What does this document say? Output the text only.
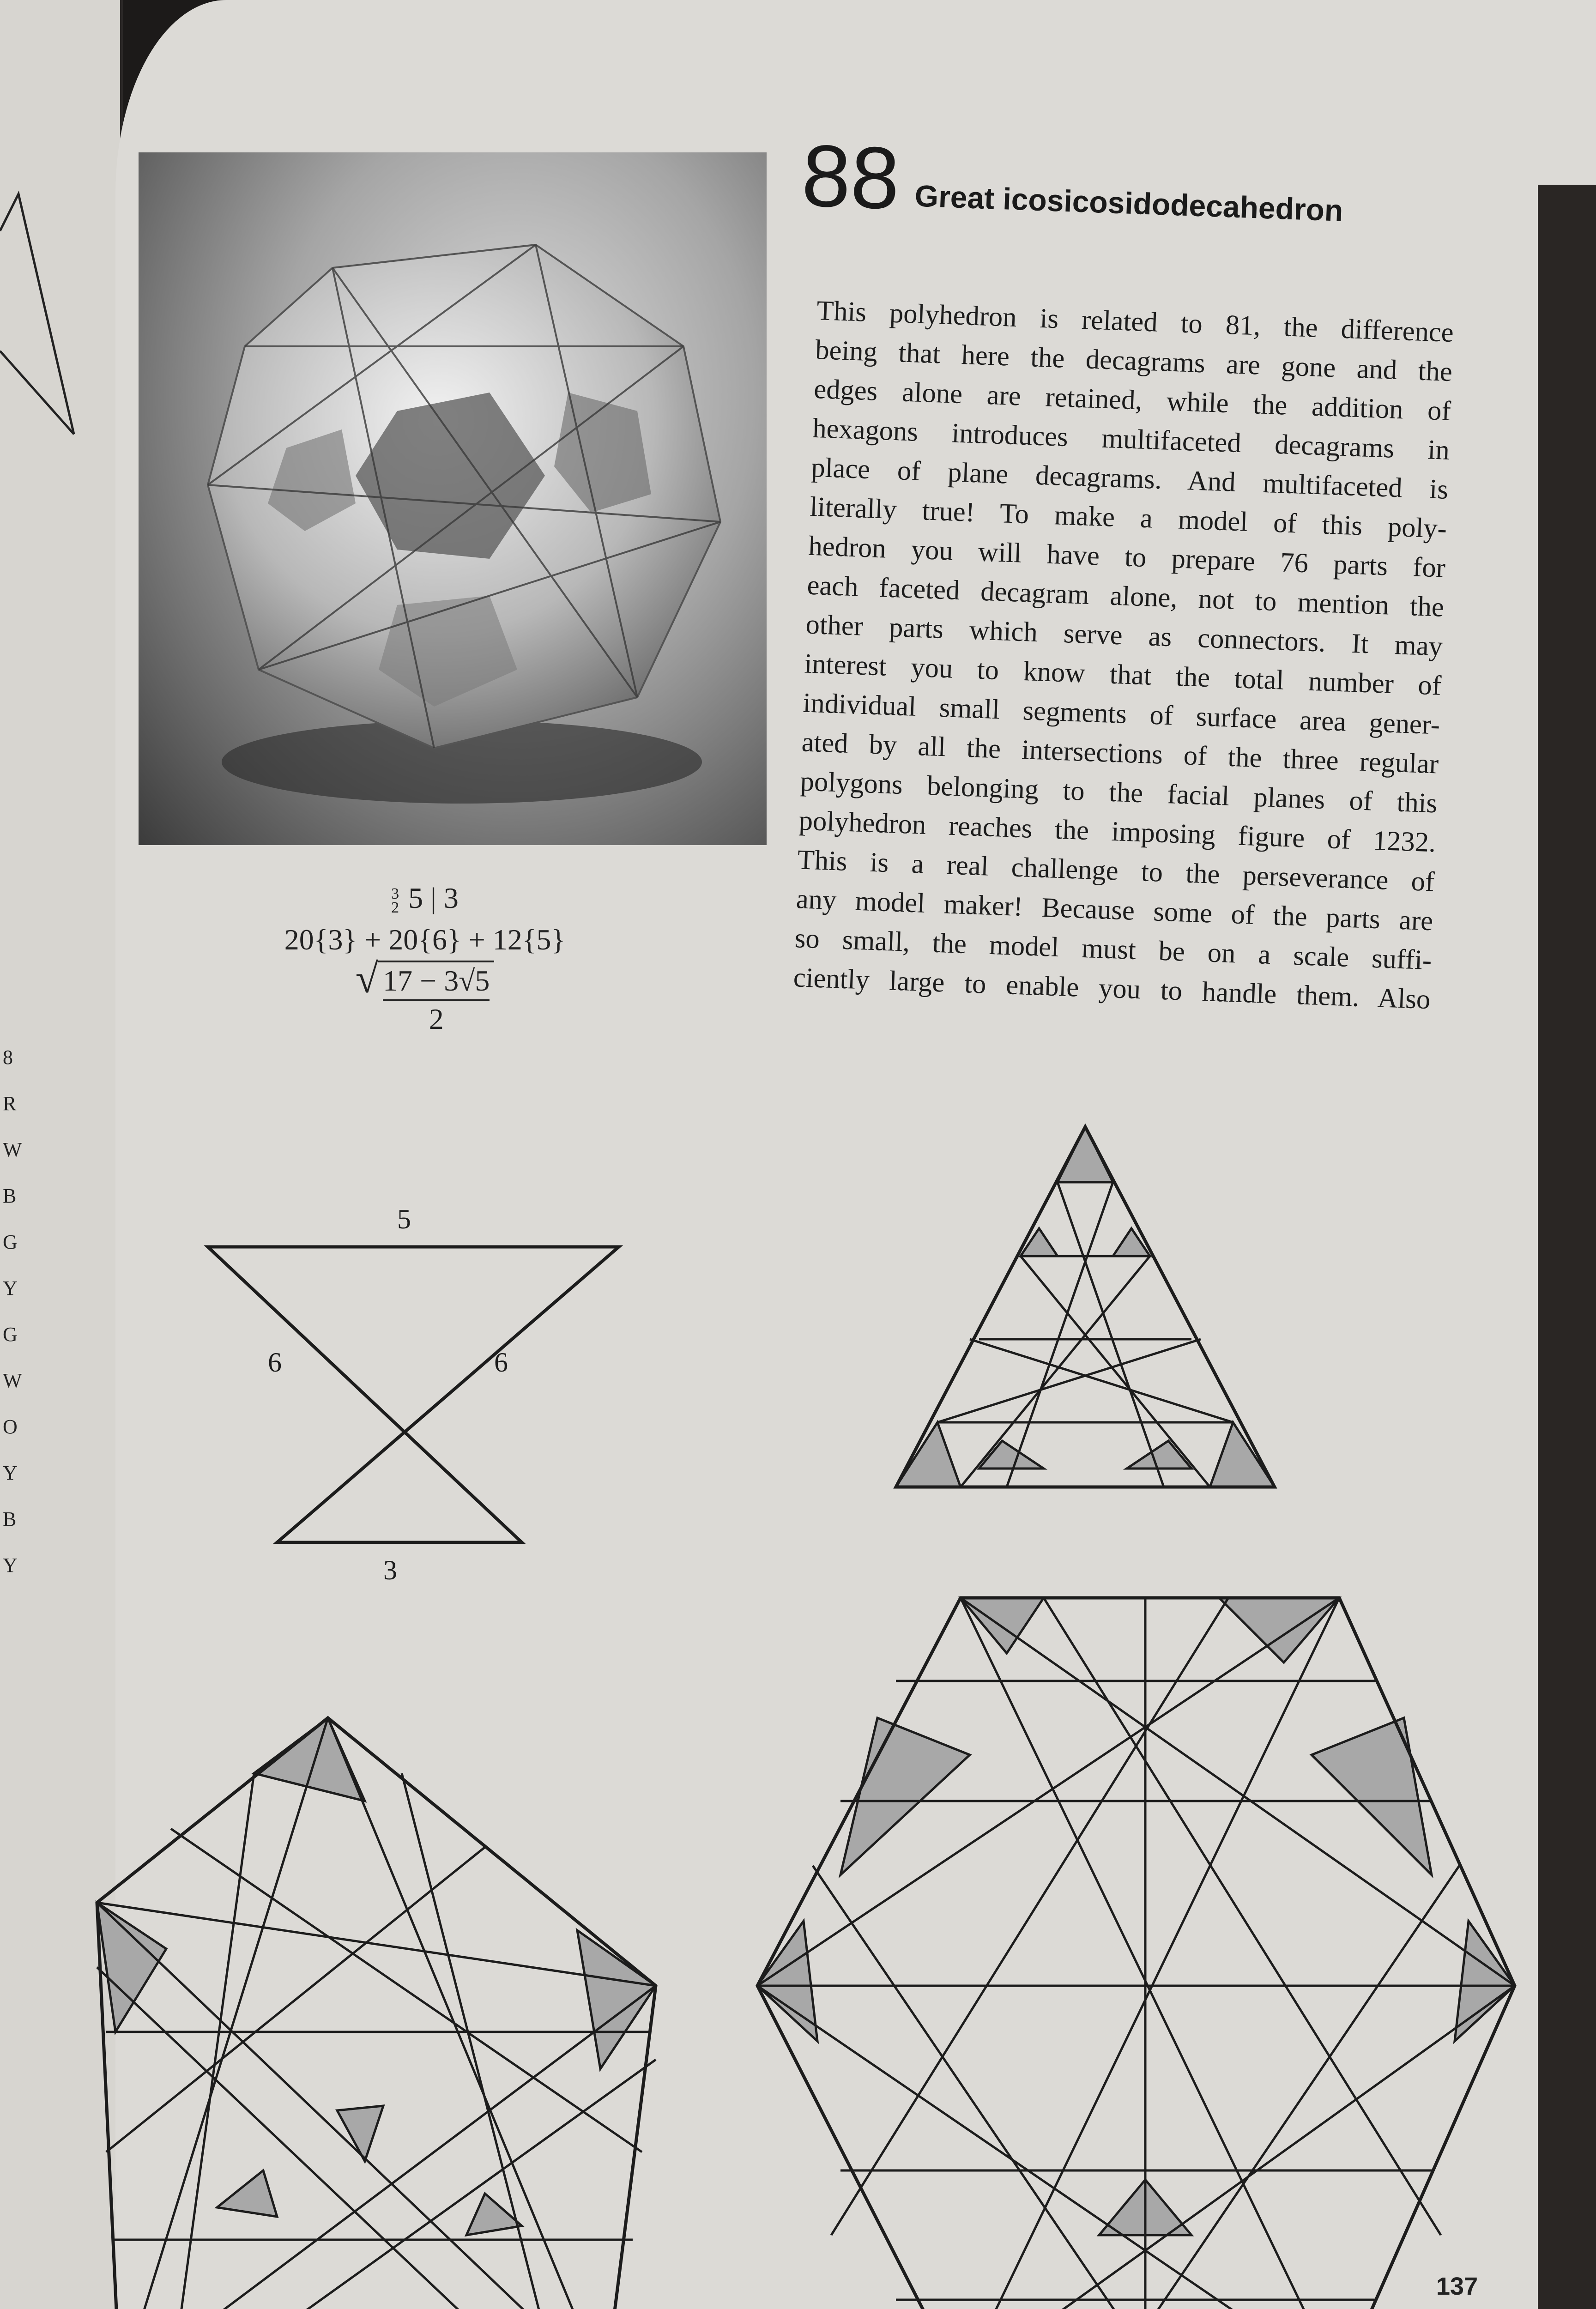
8
R
W
B
G
Y
G
W
O
Y
B
Y
3
2 5 | 3
20{3} + 20{6} + 12{5}
√ $\frac{17 - 3√5}{2}$
88 Great icosicosidodecahedron
This polyhedron is related to 81, the difference
being that here the decagrams are gone and the
edges alone are retained, while the addition of
hexagons introduces multifaceted decagrams in
place of plane decagrams. And multifaceted is
literally true! To make a model of this poly-
hedron you will have to prepare 76 parts for
each faceted decagram alone, not to mention the
other parts which serve as connectors. It may
interest you to know that the total number of
individual small segments of surface area gener-
ated by all the intersections of the three regular
polygons belonging to the facial planes of this
polyhedron reaches the imposing figure of 1232.
This is a real challenge to the perseverance of
any model maker! Because some of the parts are
so small, the model must be on a scale suffi-
ciently large to enable you to handle them. Also
5
6	6
3
137
